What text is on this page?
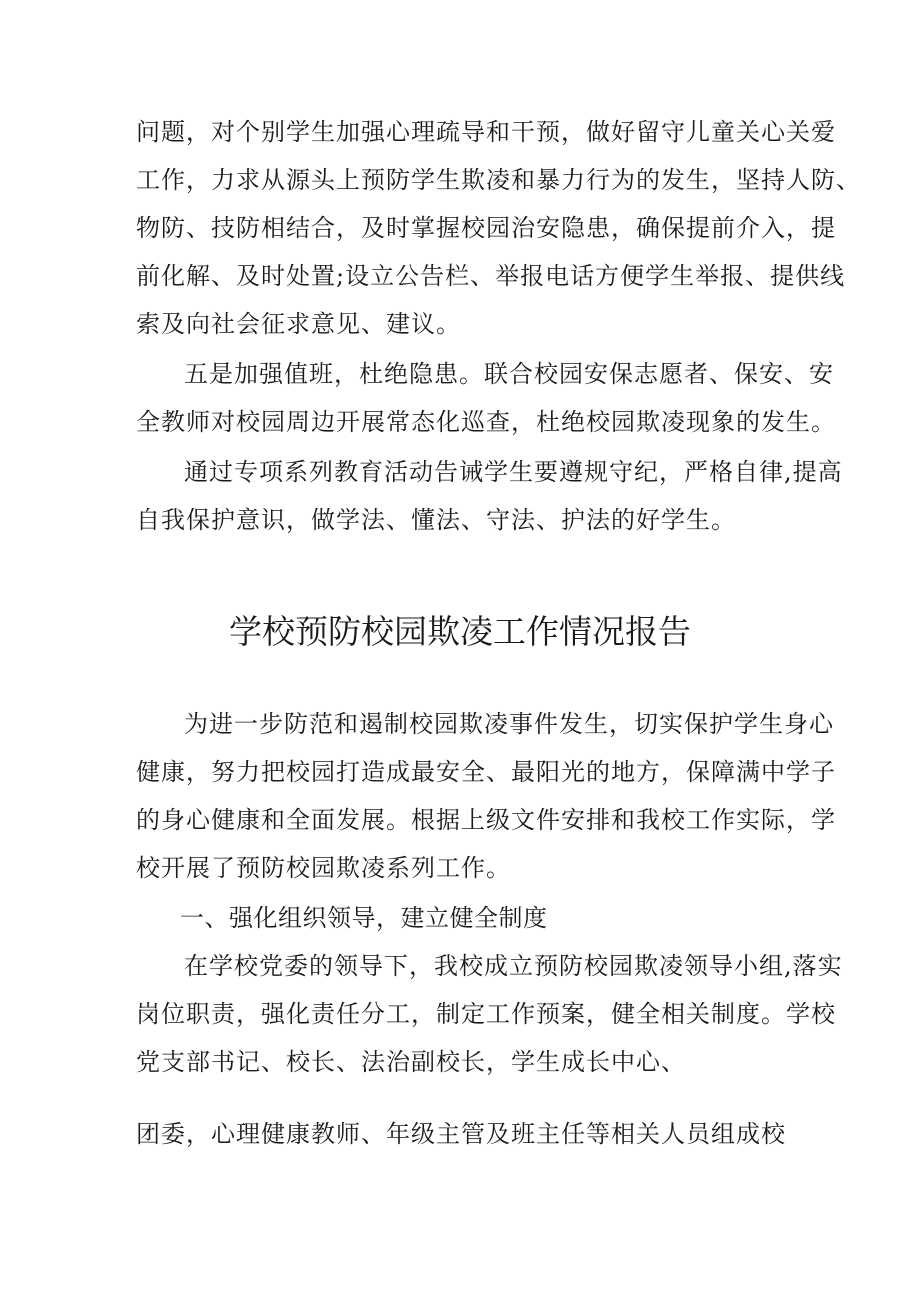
问题，对个别学生加强心理疏导和干预，做好留守儿童关心关爱
工作，力求从源头上预防学生欺凌和暴力行为的发生，坚持人防、
物防、技防相结合，及时掌握校园治安隐患，确保提前介入，提
前化解、及时处置;设立公告栏、举报电话方便学生举报、提供线
索及向社会征求意见、建议。
五是加强值班，杜绝隐患。联合校园安保志愿者、保安、安
全教师对校园周边开展常态化巡查，杜绝校园欺凌现象的发生。
通过专项系列教育活动告诫学生要遵规守纪，严格自律,提高
自我保护意识，做学法、懂法、守法、护法的好学生。
学校预防校园欺凌工作情况报告
为进一步防范和遏制校园欺凌事件发生，切实保护学生身心
健康，努力把校园打造成最安全、最阳光的地方，保障满中学子
的身心健康和全面发展。根据上级文件安排和我校工作实际，学
校开展了预防校园欺凌系列工作。
一、强化组织领导，建立健全制度
在学校党委的领导下，我校成立预防校园欺凌领导小组,落实
岗位职责，强化责任分工，制定工作预案，健全相关制度。学校
党支部书记、校长、法治副校长，学生成长中心、
团委，心理健康教师、年级主管及班主任等相关人员组成校
